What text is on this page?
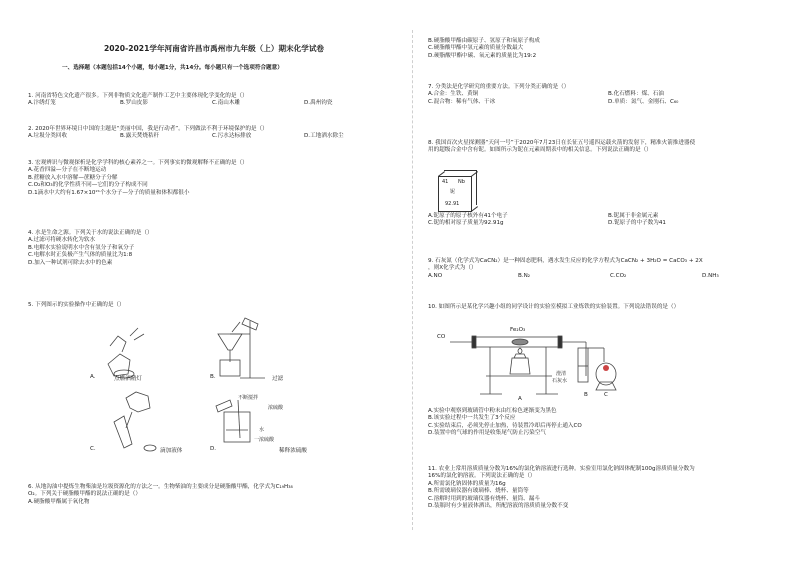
2020-2021学年河南省许昌市禹州市九年级（上）期末化学试卷
一、选择题（本题包括14个小题，每小题1分，共14分。每小题只有一个选项符合题意）
1. 河南省特色文化遗产很多。下列非物质文化遗产制作工艺中主要体现化学变化的是（）
A.汴绣灯笼	B.罗山皮影	C.南山木雕	D.禹州钧瓷
2. 2020年世界环境日中国的主题是“美丽中国，我是行动者”。下列做法不利于环境保护的是（）
A.垃圾分类回收	B.露天焚烧秸秆	C.污水达标排放	D.工地洒水除尘
3. 宏观辨识与微观探析是化学学科的核心素养之一。下列事实的微观解释不正确的是（）
A.花香四溢—分子在不断地运动
B.蔗糖放入水中溶解—蔗糖分子分解
C.O₂和O₃的化学性质不同—它们的分子构成不同
D.1滴水中大约有1.67×10²¹个水分子—分子的质量和体积都很小
4. 水是生命之源。下列关于水的说法正确的是（）
A.过滤可将硬水转化为软水
B.电解水实验说明水中含有氢分子和氧分子
C.电解水时正负极产生气体的质量比为1:8
D.加入一种试剂可除去水中的色素
5. 下列图示的实验操作中正确的是（）
A.	点燃酒精灯	B.	过滤
C.	滴加液体	D.	稀释浓硫酸
不断搅拌
浓硫酸
水
一浓硫酸
6. 从地沟油中提炼生物柴油是垃圾资源化的方法之一。生物柴油的主要成分是硬脂酸甲酯，化学式为C₁₉H₃₈
O₂。下列关于硬脂酸甲酯的说法正确的是（）
A.硬脂酸甲酯属于氧化物
B.硬脂酸甲酯由碳原子、氢原子和氧原子构成
C.硬脂酸甲酯中氢元素的质量分数最大
D.硬脂酸甲酯中碳、氧元素的质量比为19:2
7. 分类法是化学研究的重要方法。下列分类正确的是（）
A.合金：生铁、黄铜	B.化石燃料：煤、石油
C.混合物：稀有气体、干冰	D.单质：氮气、金刚石、C₆₀
8. 我国首次火星探测器“天问一号”于2020年7月23日在长征五号遥四运载火箭的发射下，精准火箭推进器使
用的超级合金中含有铌。如图所示为铌在元素周期表中的相关信息。下列说法正确的是（）
41 Nb
铌
92.91
A.铌原子的原子核外有41个电子	B.铌属于非金属元素
C.铌的相对原子质量为92.91g	D.铌原子的中子数为41
9. 石灰氮（化学式为CaCN₂）是一种固态肥料，遇水发生反应的化学方程式为CaCN₂ + 3H₂O = CaCO₃ + 2X
，则X化学式为（）
A.NO	B.N₂	C.CO₂	D.NH₃
10. 如图所示是某化学兴趣小组的同学设计的实验室模拟工业炼铁的实验装置。下列说法错误的是（）
CO
Fe₂O₃
澄清
石灰水
A
B	C
A.实验中观察到玻璃管中粉末由红棕色逐渐变为黑色
B.该实验过程中一共发生了3个反应
C.实验结束后，必须先停止加热，待装置冷却后再停止通入CO
D.装置中的气球的作用是收集尾气防止污染空气
11. 农业上常用溶质质量分数为16%的氯化钠溶液进行选种。实验室用氯化钠固体配制100g溶质质量分数为
16%的氯化钠溶液。下列说法正确的是（）
A.所需氯化钠固体的质量为16g
B.所需玻璃仪器有玻璃棒、烧杯、量筒等
C.溶解时用到的玻璃仪器有烧杯、量筒、漏斗
D.装瓶时有少量液体洒出，所配溶液的溶质质量分数不变
